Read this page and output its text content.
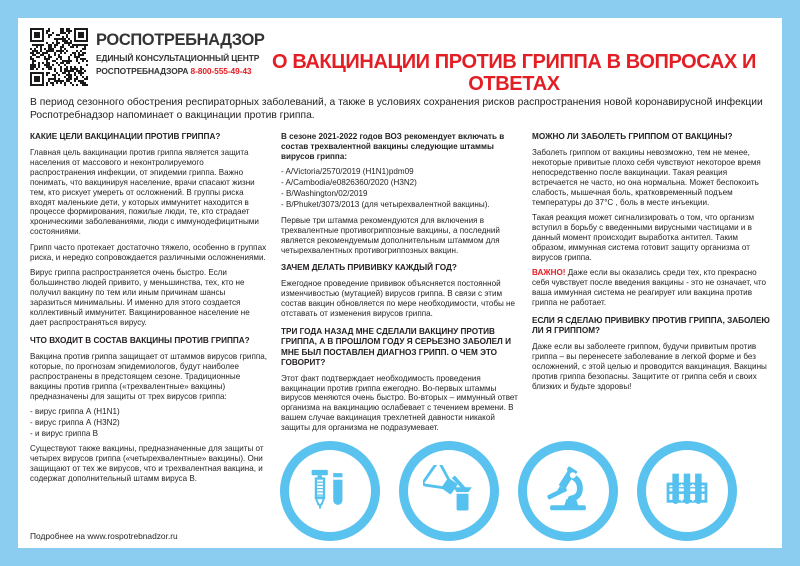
РОСПОТРЕБНАДЗОР
ЕДИНЫЙ КОНСУЛЬТАЦИОННЫЙ ЦЕНТР
РОСПОТРЕБНАДЗОРА 8-800-555-49-43	О ВАКЦИНАЦИИ ПРОТИВ ГРИППА В ВОПРОСАХ И ОТВЕТАХ
В период сезонного обострения респираторных заболеваний, а также в условиях сохранения рисков распространения новой коронавирусной инфекции Роспотребнадзор напоминает о вакцинации против гриппа.
КАКИЕ ЦЕЛИ ВАКЦИНАЦИИ ПРОТИВ ГРИППА?

Главная цель вакцинации против гриппа является защита населения от массового и неконтролируемого распространения инфекции, от эпидемии гриппа. Важно понимать, что вакцинируя население, врачи спасают жизни тем, кто рискует умереть от осложнений. В группы риска входят маленькие дети, у которых иммунитет находится в процессе формирования, пожилые люди, те, кто страдает хроническими заболеваниями, люди с иммунодефицитными состояниями.

Грипп часто протекает достаточно тяжело, особенно в группах риска, и нередко сопровождается различными осложнениями.

Вирус гриппа распространяется очень быстро. Если большинство людей привито, у меньшинства, тех, кто не получил вакцину по тем или иным причинам шансы заразиться минимальны. И именно для этого создается коллективный иммунитет. Вакцинированное население не дает распространяться вирусу.

ЧТО ВХОДИТ В СОСТАВ ВАКЦИНЫ ПРОТИВ ГРИППА?

Вакцина против гриппа защищает от штаммов вирусов гриппа, которые, по прогнозам эпидемиологов, будут наиболее распространены в предстоящем сезоне. Традиционные вакцины против гриппа («трехвалентные» вакцины) предназначены для защиты от трех вирусов гриппа:

- вирус гриппа А (H1N1)
- вирус гриппа А (H3N2)
- и вирус гриппа В

Существуют также вакцины, предназначенные для защиты от четырех вирусов гриппа («четырехвалентные» вакцины). Они защищают от тех же вирусов, что и трехвалентная вакцина, и содержат дополнительный штамм вируса В.

В сезоне 2021-2022 годов ВОЗ рекомендует включать в состав трехвалентной вакцины следующие штаммы вирусов гриппа:

- A/Victoria/2570/2019 (H1N1)pdm09
- A/Cambodia/e0826360/2020 (H3N2)
- B/Washington/02/2019
- B/Phuket/3073/2013 (для четырехвалентной вакцины).

Первые три штамма рекомендуются для включения в трехвалентные противогриппозные вакцины, а последний является рекомендуемым дополнительным штаммом для четырехвалентных противогриппозных вакцин.

ЗАЧЕМ ДЕЛАТЬ ПРИВИВКУ КАЖДЫЙ ГОД?

Ежегодное проведение прививок объясняется постоянной изменчивостью (мутацией) вирусов гриппа. В связи с этим состав вакцин обновляется по мере необходимости, чтобы не отставать от изменения вирусов гриппа.

ТРИ ГОДА НАЗАД МНЕ СДЕЛАЛИ ВАКЦИНУ ПРОТИВ ГРИППА, А В ПРОШЛОМ ГОДУ Я СЕРЬЕЗНО ЗАБОЛЕЛ И МНЕ БЫЛ ПОСТАВЛЕН ДИАГНОЗ ГРИПП. О ЧЕМ ЭТО ГОВОРИТ?

Этот факт подтверждает необходимость проведения вакцинации против гриппа ежегодно. Во-первых штаммы вирусов меняются очень быстро. Во-вторых – иммунный ответ организма на вакцинацию ослабевает с течением времени. В вашем случае вакцинация трехлетней давности никакой защиты для организма не подразумевает.

МОЖНО ЛИ ЗАБОЛЕТЬ ГРИППОМ ОТ ВАКЦИНЫ?

Заболеть гриппом от вакцины невозможно, тем не менее, некоторые привитые плохо себя чувствуют некоторое время непосредственно после вакцинации. Такая реакция встречается не часто, но она нормальна. Может беспокоить слабость, мышечная боль, кратковременный подъем температуры до 37°С , боль в месте инъекции.

Такая реакция может сигнализировать о том, что организм вступил в борьбу с введенными вирусными частицами и в данный момент происходит выработка антител. Таким образом, иммунная система готовит защиту организма от вирусов гриппа.

ВАЖНО! Даже если вы оказались среди тех, кто прекрасно себя чувствует после введения вакцины - это не означает, что ваша иммунная система не реагирует или вакцина против гриппа не работает.

ЕСЛИ Я СДЕЛАЮ ПРИВИВКУ ПРОТИВ ГРИППА, ЗАБОЛЕЮ ЛИ Я ГРИППОМ?

Даже если вы заболеете гриппом, будучи привитым против гриппа – вы перенесете заболевание в легкой форме и без осложнений, с этой целью и проводится вакцинация. Вакцины против гриппа безопасны. Защитите от гриппа себя и своих близких и будьте здоровы!

Подробнее на www.rospotrebnadzor.ru
